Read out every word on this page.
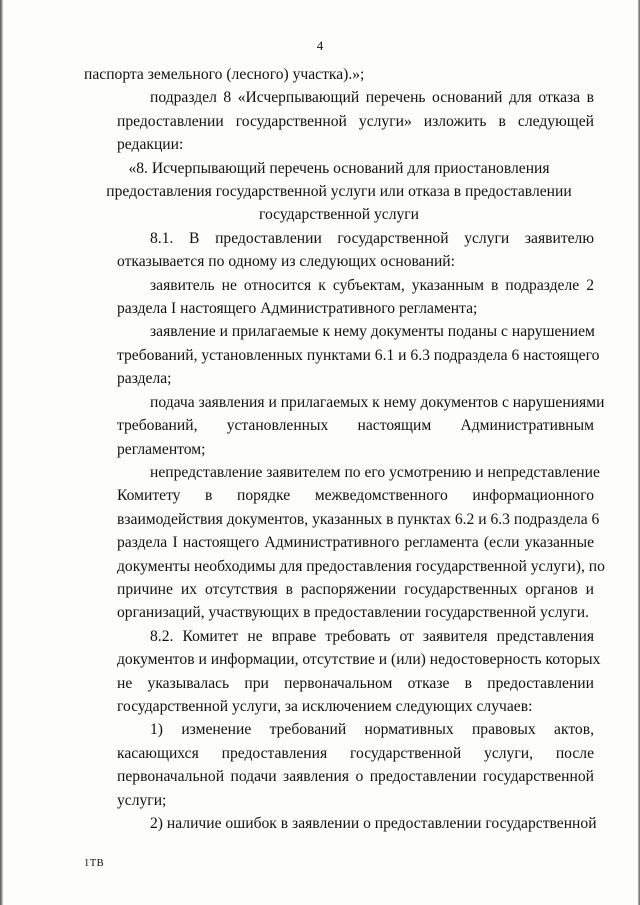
4

паспорта земельного (лесного) участка).»;

подраздел 8 «Исчерпывающий перечень оснований для отказа в
предоставлении государственной услуги» изложить в следующей
редакции:

«8. Исчерпывающий перечень оснований для приостановления
предоставления государственной услуги или отказа в предоставлении
государственной услуги

8.1. В предоставлении государственной услуги заявителю
отказывается по одному из следующих оснований:

заявитель не относится к субъектам, указанным в подразделе 2
раздела I настоящего Административного регламента;

заявление и прилагаемые к нему документы поданы с нарушением
требований, установленных пунктами 6.1 и 6.3 подраздела 6 настоящего
раздела;

подача заявления и прилагаемых к нему документов с нарушениями
требований, установленных настоящим Административным
регламентом;

непредставление заявителем по его усмотрению и непредставление
Комитету в порядке межведомственного информационного
взаимодействия документов, указанных в пунктах 6.2 и 6.3 подраздела 6
раздела I настоящего Административного регламента (если указанные
документы необходимы для предоставления государственной услуги), по
причине их отсутствия в распоряжении государственных органов и
организаций, участвующих в предоставлении государственной услуги.

8.2. Комитет не вправе требовать от заявителя представления
документов и информации, отсутствие и (или) недостоверность которых
не указывалась при первоначальном отказе в предоставлении
государственной услуги, за исключением следующих случаев:

1) изменение требований нормативных правовых актов,
касающихся предоставления государственной услуги, после
первоначальной подачи заявления о предоставлении государственной
услуги;

2) наличие ошибок в заявлении о предоставлении государственной

1ТВ
